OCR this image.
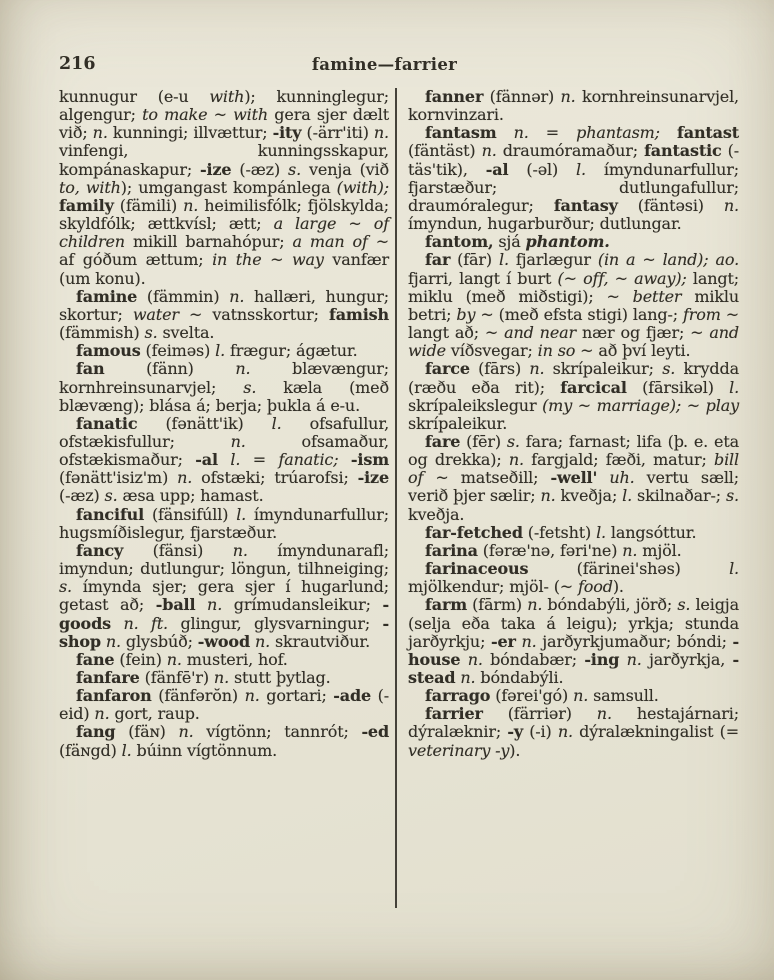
216	famine—farrier

kunnugur (e-u with); kunninglegur; algengur; to make ~ with gera sjer dælt við; n. kunningi; illvættur; -ity (-ärr'iti) n. vinfengi, kunningsskapur, kompánaskapur; -ize (-æz) s. venja (við to, with); umgangast kompánlega (with); family (fämili) n. heimilisfólk; fjölskylda; skyldfólk; ættkvísl; ætt; a large ~ of children mikill barnahópur; a man of ~ af góðum ættum; in the ~ way vanfær (um konu).

famine (fämmin) n. hallæri, hungur; skortur; water ~ vatnsskortur; famish (fämmish) s. svelta.

famous (feiməs) l. frægur; ágætur.

fan (fänn) n. blævængur; kornhreinsunarvjel; s. kæla (með blævæng); blása á; berja; þukla á e-u.

fanatic (fənätt'ik) l. ofsafullur, ofstækisfullur; n. ofsamaður, ofstækismaður; -al l. = fanatic; -ism (fənätt'isiz'm) n. ofstæki; trúarofsi; -ize (-æz) s. æsa upp; hamast.

fanciful (fänsifúll) l. ímyndunarfullur; hugsmíðislegur, fjarstæður.

fancy (fänsi) n. ímyndunarafl; imyndun; dutlungur; löngun, tilhneiging; s. ímynda sjer; gera sjer í hugarlund; getast að; -ball n. grímudansleikur; -goods n. ft. glingur, glysvarningur; -shop n. glysbúð; -wood n. skrautviður.

fane (fein) n. musteri, hof.

fanfare (fänfē'r) n. stutt þytlag.

fanfaron (fänfərŏn) n. gortari; -ade (-eid) n. gort, raup.

fang (fäɴ) n. vígtönn; tannrót; -ed (fäɴgd) l. búinn vígtönnum.

fanner (fännər) n. kornhreinsunarvjel, kornvinzari.

fantasm n. = phantasm; fantast (fäntäst) n. draumóramaður; fantastic (-täs'tik), -al (-əl) l. ímyndunarfullur; fjarstæður; dutlungafullur; draumóralegur; fantasy (fäntəsi) n. ímyndun, hugarburður; dutlungar.

fantom, sjá phantom.

far (fār) l. fjarlægur (in a ~ land); ao. fjarri, langt í burt (~ off, ~ away); langt; miklu (með miðstigi); ~ better miklu betri; by ~ (með efsta stigi) lang-; from ~ langt að; ~ and near nær og fjær; ~ and wide víðsvegar; in so ~ að því leyti.

farce (fārs) n. skrípaleikur; s. krydda (ræðu eða rit); farcical (fārsikəl) l. skrípaleikslegur (my ~ marriage); ~ play skrípaleikur.

fare (fēr) s. fara; farnast; lifa (þ. e. eta og drekka); n. fargjald; fæði, matur; bill of ~ matseðill; -well' uh. vertu sæll; verið þjer sælir; n. kveðja; l. skilnaðar-; s. kveðja.

far-fetched (-fetsht) l. langsóttur.

farina (fəræ'nə, fəri'ne) n. mjöl.

farinaceous (färinei'shəs) l. mjölkendur; mjöl- (~ food).

farm (fārm) n. bóndabýli, jörð; s. leigja (selja eða taka á leigu); yrkja; stunda jarðyrkju; -er n. jarðyrkjumaður; bóndi; -house n. bóndabær; -ing n. jarðyrkja, -stead n. bóndabýli.

farrago (fərei'gó) n. samsull.

farrier (färriər) n. hestajárnari; dýralæknir; -y (-i) n. dýralækningalist (= veterinary -y).
